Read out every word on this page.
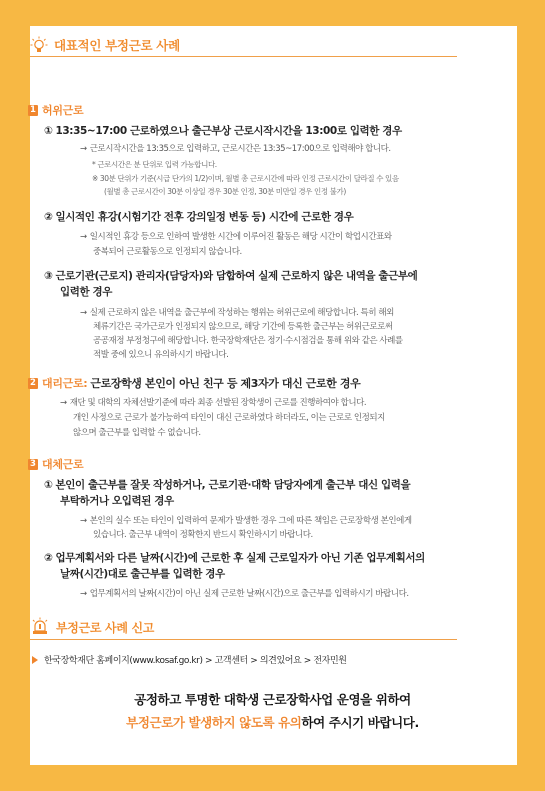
대표적인 부정근로 사례
1 허위근로
① 13:35~17:00 근로하였으나 출근부상 근로시작시간을 13:00로 입력한 경우
→ 근로시작시간을 13:35으로 입력하고, 근로시간은 13:35~17:00으로 입력해야 합니다.
* 근로시간은 분 단위로 입력 가능합니다.
※ 30분 단위가 기준(시급 단가의 1/2)이며, 월별 총 근로시간에 따라 인정 근로시간이 달라질 수 있음
(월별 총 근로시간이 30분 이상일 경우 30분 인정, 30분 미만일 경우 인정 불가)
② 일시적인 휴강(시험기간 전후 강의일정 변동 등) 시간에 근로한 경우
→ 일시적인 휴강 등으로 인하여 발생한 시간에 이루어진 활동은 해당 시간이 학업시간표와
중복되어 근로활동으로 인정되지 않습니다.
③ 근로기관(근로지) 관리자(담당자)와 담합하여 실제 근로하지 않은 내역을 출근부에
입력한 경우
→ 실제 근로하지 않은 내역을 출근부에 작성하는 행위는 허위근로에 해당합니다. 특히 해외
체류기간은 국가근로가 인정되지 않으므로, 해당 기간에 등록한 출근부는 허위근로로써
공공재정 부정청구에 해당합니다. 한국장학재단은 정기·수시점검을 통해 위와 같은 사례를
적발 중에 있으니 유의하시기 바랍니다.
2 대리근로: 근로장학생 본인이 아닌 친구 등 제3자가 대신 근로한 경우
→ 재단 및 대학의 자체선발기준에 따라 최종 선발된 장학생이 근로를 진행하여야 합니다.
개인 사정으로 근로가 불가능하여 타인이 대신 근로하였다 하더라도, 이는 근로로 인정되지
않으며 출근부를 입력할 수 없습니다.
3 대체근로
① 본인이 출근부를 잘못 작성하거나, 근로기관·대학 담당자에게 출근부 대신 입력을
부탁하거나 오입력된 경우
→ 본인의 실수 또는 타인이 입력하여 문제가 발생한 경우 그에 따른 책임은 근로장학생 본인에게
있습니다. 출근부 내역이 정확한지 반드시 확인하시기 바랍니다.
② 업무계획서와 다른 날짜(시간)에 근로한 후 실제 근로일자가 아닌 기존 업무계획서의
날짜(시간)대로 출근부를 입력한 경우
→ 업무계획서의 날짜(시간)이 아닌 실제 근로한 날짜(시간)으로 출근부를 입력하시기 바랍니다.
부정근로 사례 신고
한국장학재단 홈페이지(www.kosaf.go.kr) > 고객센터 > 의견있어요 > 전자민원
공정하고 투명한 대학생 근로장학사업 운영을 위하여
부정근로가 발생하지 않도록 유의하여 주시기 바랍니다.
